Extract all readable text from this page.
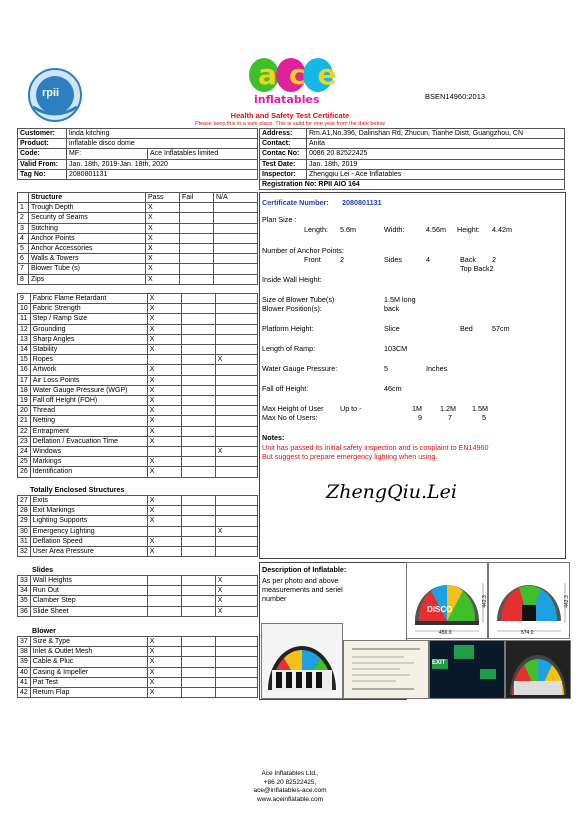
rpii
ace
inflatables	BSEN14960:2013
Health and Safety Test Certificate
Please keep this in a safe place. This is valid for one year from the date below
Customer:	linda kitching	
Product:	inflatable disco dome	
Code:	MF:	Ace Inflatables limited
Valid From:	Jan. 18th, 2019-Jan. 18th, 2020	
Tag No:	2080801131	
Address:	Rm.A1,No.396, Dalinshan Rd, Zhucun, Tianhe Distt, Guangzhou, CN
Contact:	Anita
Contac No:	0086 20 82522425
Test Date:	Jan. 18th, 2019
Inspector:	Zhengqiu Lei - Ace Inflatables
Registration No: RPII AIO 164	
	Structure	Pass	Fail	N/A
1	Trough Depth	X		
2	Security of Seams	X		
3	Stitching	X		
4	Anchor Points	X		
5	Anchor Accessories	X		
6	Walls & Towers	X		
7	Blower Tube (s)	X		
8	Zips	X		
9	Fabric Flame Retardant	X		
10	Fabric Strength	X		
11	Step / Ramp Size	X		
12	Grounding	X		
13	Sharp Angles	X		
14	Stability	X		
15	Ropes			X
16	Artwork	X		
17	Air Loss Points	X		
18	Water Gauge Pressure (WGP)	X		
19	Fall off Height (FOH)	X		
20	Thread	X		
21	Netting	X		
22	Entrapment	X		
23	Deflation / Evacuation Time	X		
24	Windows			X
25	Markings	X		
26	Identification	X		
Totally Enclosed Structures
27	Exits	X		
28	Exit Markings	X		
29	Lighting Supports	X		
30	Emergency Lighting			X
31	Deflation Speed	X		
32	User Area Pressure	X		
Slides
33	Wall Heights			X
34	Run Out			X
35	Clamber Step			X
36	Slide Sheet			X
Blower
37	Size & Type	X		
38	Inlet & Outlet Mesh	X		
39	Cable & Pluc	X		
40	Casing & Impeller	X		
41	Pat Test	X		
42	Return Flap	X		
Certificate Number: 2080801131
Plan Size :
Length: 5.6m	Width:	4.56m Height: 4.42m
Number of Anchor Points:
Front	2	Sides	4	Back 2
Top Back2
Inside Wall Height:
Size of Blower Tube(s)	1.5M long
Blower Position(s):	back
Platform Height:	Slice	Bed	57cm
Length of Ramp:	103CM
Water Gauge Pressure:	5	Inches
Fall off Height:	46cm
Max Height of User Up to -	1M	1.2M 1.5M
Max No of Users:	9	7	5
Notes:
Unit has passed its initial safety inspection and is conplaint to EN14960
But suggest to prepare emergency lighting when using.
ZhengQiu.Lei
Description of Inflatable:
As per photo and above
measurements and seriel
number
DISCO
456.0
442.3
574.0
442.3
EXIT
Ace Inflatables Ltd.,
+86 20 82522425,
ace@inflatables-ace.com
www.aceinflatable.com
